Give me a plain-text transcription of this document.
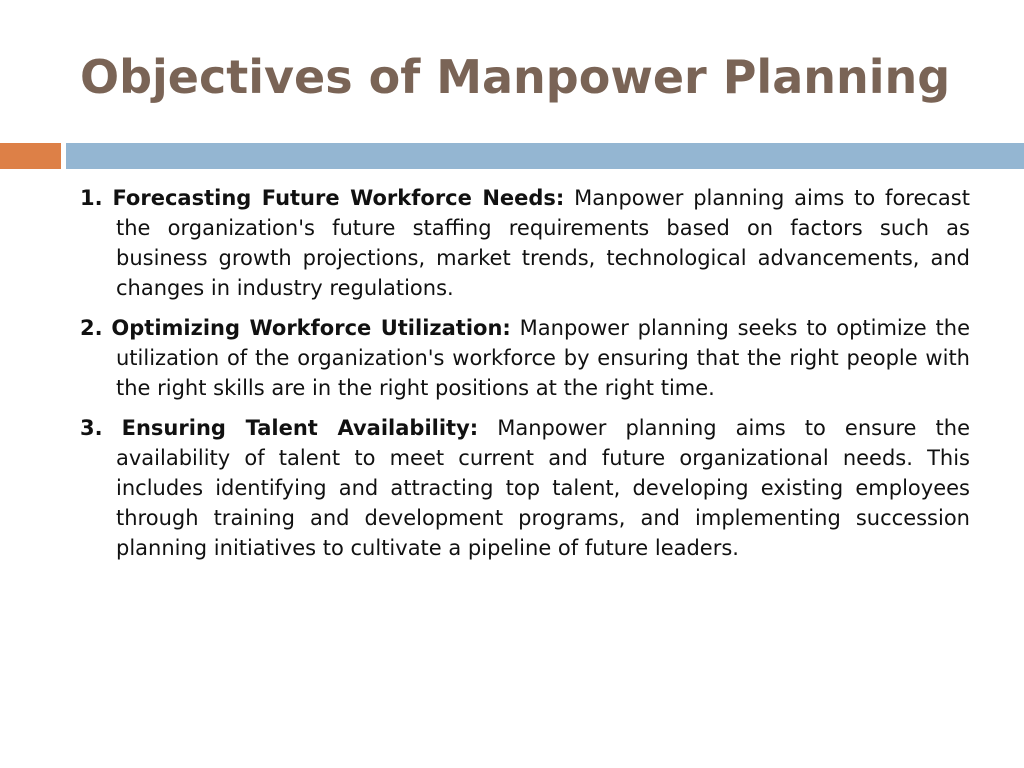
Objectives of Manpower Planning
1. Forecasting Future Workforce Needs: Manpower planning aims to forecast the organization's future staffing requirements based on factors such as business growth projections, market trends, technological advancements, and changes in industry regulations.
2. Optimizing Workforce Utilization: Manpower planning seeks to optimize the utilization of the organization's workforce by ensuring that the right people with the right skills are in the right positions at the right time.
3. Ensuring Talent Availability: Manpower planning aims to ensure the availability of talent to meet current and future organizational needs. This includes identifying and attracting top talent, developing existing employees through training and development programs, and implementing succession planning initiatives to cultivate a pipeline of future leaders.
